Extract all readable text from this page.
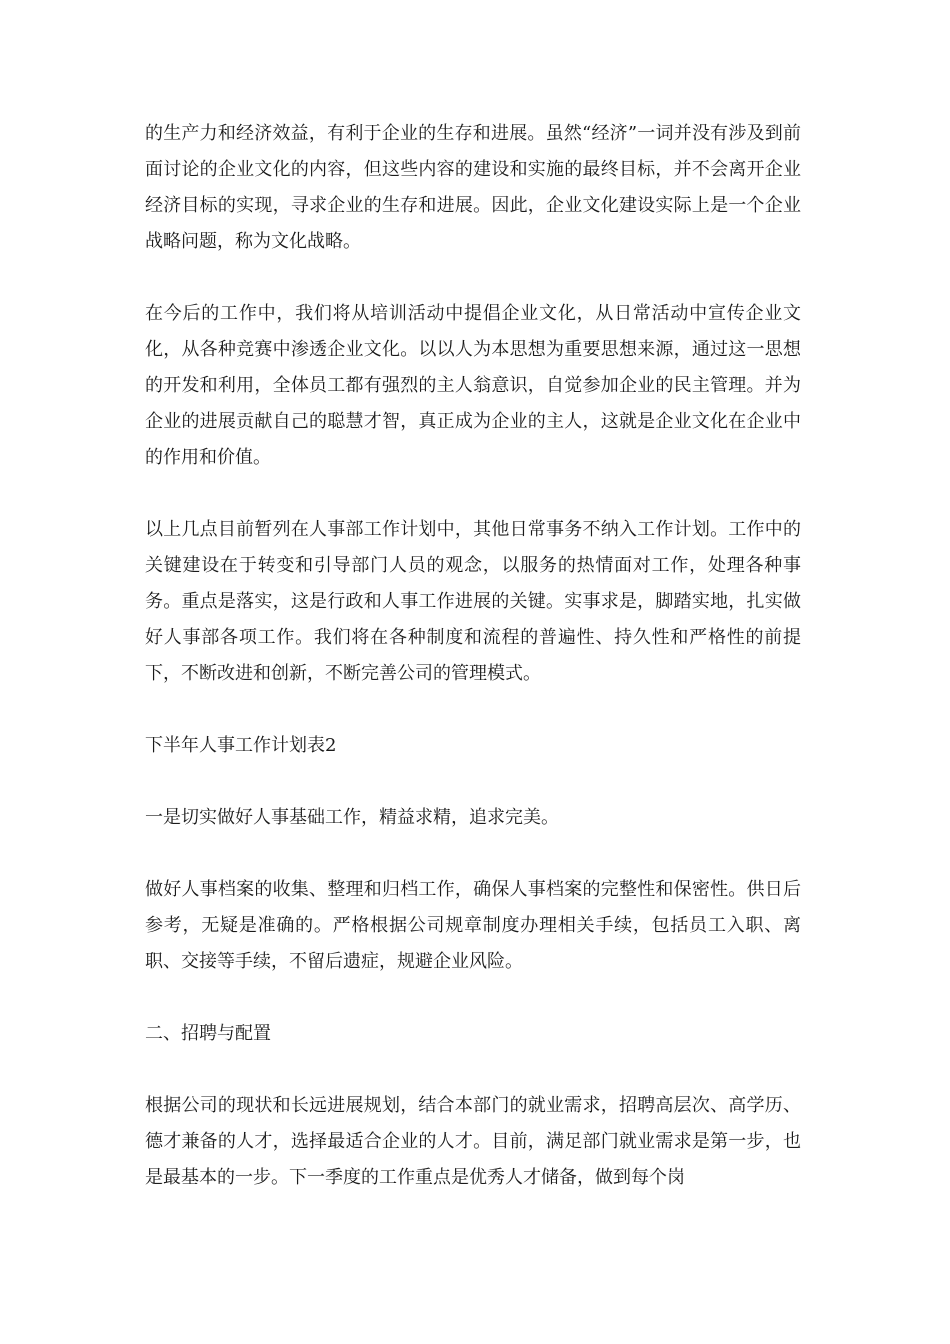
的生产力和经济效益，有利于企业的生存和进展。虽然“经济”一词并没有涉及到前面讨论的企业文化的内容，但这些内容的建设和实施的最终目标，并不会离开企业经济目标的实现，寻求企业的生存和进展。因此，企业文化建设实际上是一个企业战略问题，称为文化战略。

在今后的工作中，我们将从培训活动中提倡企业文化，从日常活动中宣传企业文化，从各种竞赛中渗透企业文化。以以人为本思想为重要思想来源，通过这一思想的开发和利用，全体员工都有强烈的主人翁意识，自觉参加企业的民主管理。并为企业的进展贡献自己的聪慧才智，真正成为企业的主人，这就是企业文化在企业中的作用和价值。

以上几点目前暂列在人事部工作计划中，其他日常事务不纳入工作计划。工作中的关键建设在于转变和引导部门人员的观念，以服务的热情面对工作，处理各种事务。重点是落实，这是行政和人事工作进展的关键。实事求是，脚踏实地，扎实做好人事部各项工作。我们将在各种制度和流程的普遍性、持久性和严格性的前提下，不断改进和创新，不断完善公司的管理模式。

下半年人事工作计划表2

一是切实做好人事基础工作，精益求精，追求完美。

做好人事档案的收集、整理和归档工作，确保人事档案的完整性和保密性。供日后参考，无疑是准确的。严格根据公司规章制度办理相关手续，包括员工入职、离职、交接等手续，不留后遗症，规避企业风险。

二、招聘与配置

根据公司的现状和长远进展规划，结合本部门的就业需求，招聘高层次、高学历、德才兼备的人才，选择最适合企业的人才。目前，满足部门就业需求是第一步，也是最基本的一步。下一季度的工作重点是优秀人才储备，做到每个岗
